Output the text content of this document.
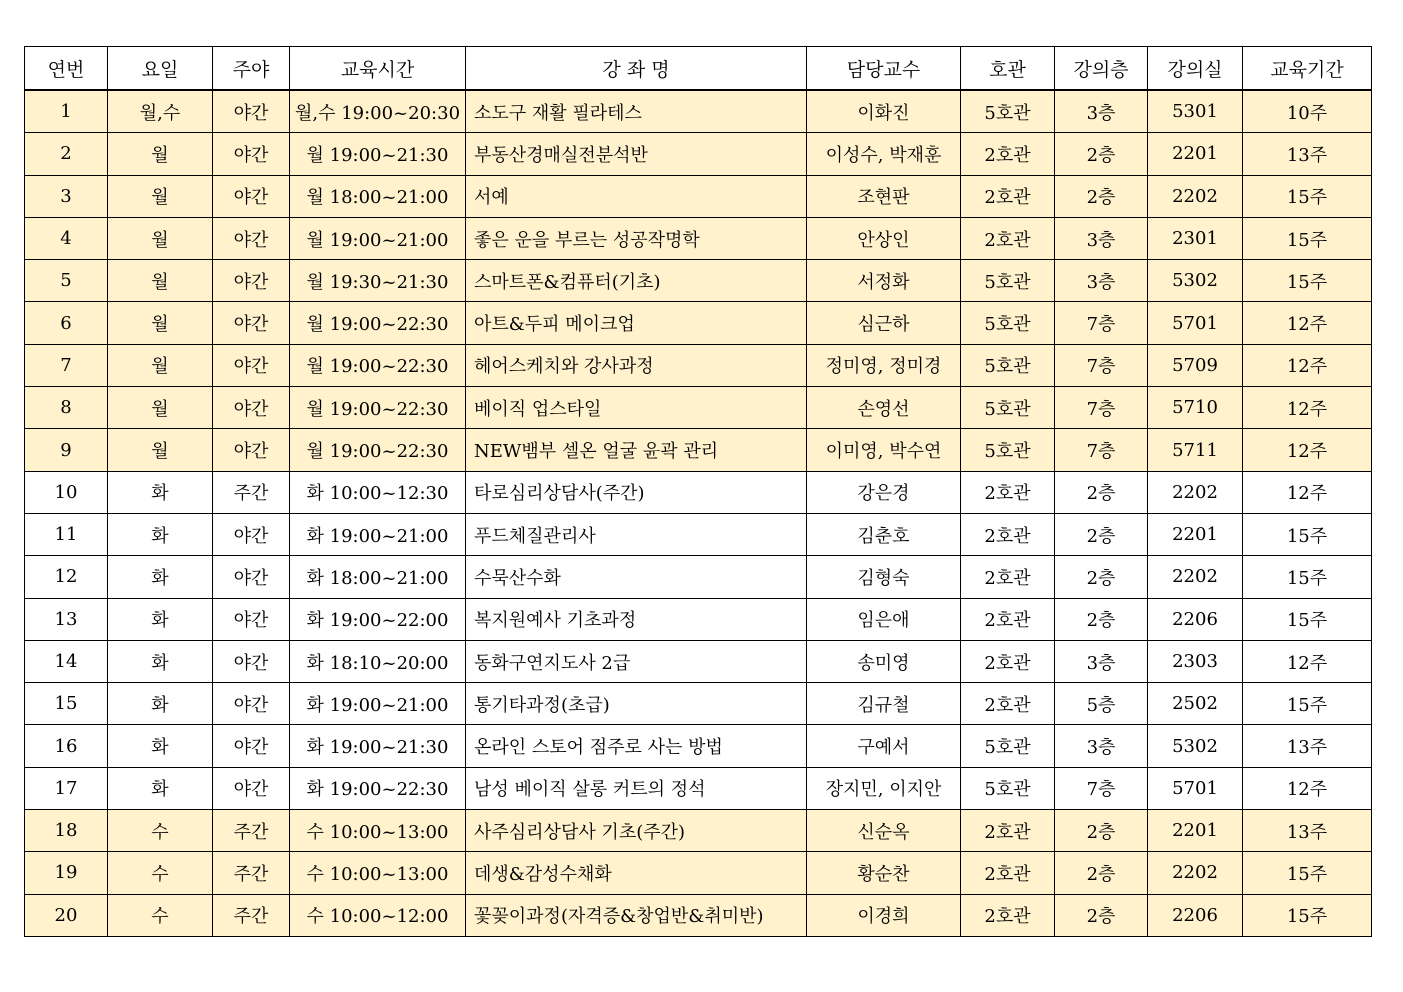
연번	요일	주야	교육시간	강 좌 명	담당교수	호관	강의층	강의실	교육기간
1	월,수	야간	월,수 19:00~20:30	소도구 재활 필라테스	이화진	5호관	3층	5301	10주
2	월	야간	월 19:00~21:30	부동산경매실전분석반	이성수, 박재훈	2호관	2층	2201	13주
3	월	야간	월 18:00~21:00	서예	조현판	2호관	2층	2202	15주
4	월	야간	월 19:00~21:00	좋은 운을 부르는 성공작명학	안상인	2호관	3층	2301	15주
5	월	야간	월 19:30~21:30	스마트폰&컴퓨터(기초)	서정화	5호관	3층	5302	15주
6	월	야간	월 19:00~22:30	아트&두피 메이크업	심근하	5호관	7층	5701	12주
7	월	야간	월 19:00~22:30	헤어스케치와 강사과정	정미영, 정미경	5호관	7층	5709	12주
8	월	야간	월 19:00~22:30	베이직 업스타일	손영선	5호관	7층	5710	12주
9	월	야간	월 19:00~22:30	NEW뱀부 셀온 얼굴 윤곽 관리	이미영, 박수연	5호관	7층	5711	12주
10	화	주간	화 10:00~12:30	타로심리상담사(주간)	강은경	2호관	2층	2202	12주
11	화	야간	화 19:00~21:00	푸드체질관리사	김춘호	2호관	2층	2201	15주
12	화	야간	화 18:00~21:00	수묵산수화	김형숙	2호관	2층	2202	15주
13	화	야간	화 19:00~22:00	복지원예사 기초과정	임은애	2호관	2층	2206	15주
14	화	야간	화 18:10~20:00	동화구연지도사 2급	송미영	2호관	3층	2303	12주
15	화	야간	화 19:00~21:00	통기타과정(초급)	김규철	2호관	5층	2502	15주
16	화	야간	화 19:00~21:30	온라인 스토어 점주로 사는 방법	구예서	5호관	3층	5302	13주
17	화	야간	화 19:00~22:30	남성 베이직 살롱 커트의 정석	장지민, 이지안	5호관	7층	5701	12주
18	수	주간	수 10:00~13:00	사주심리상담사 기초(주간)	신순옥	2호관	2층	2201	13주
19	수	주간	수 10:00~13:00	데생&감성수채화	황순찬	2호관	2층	2202	15주
20	수	주간	수 10:00~12:00	꽃꽂이과정(자격증&창업반&취미반)	이경희	2호관	2층	2206	15주
